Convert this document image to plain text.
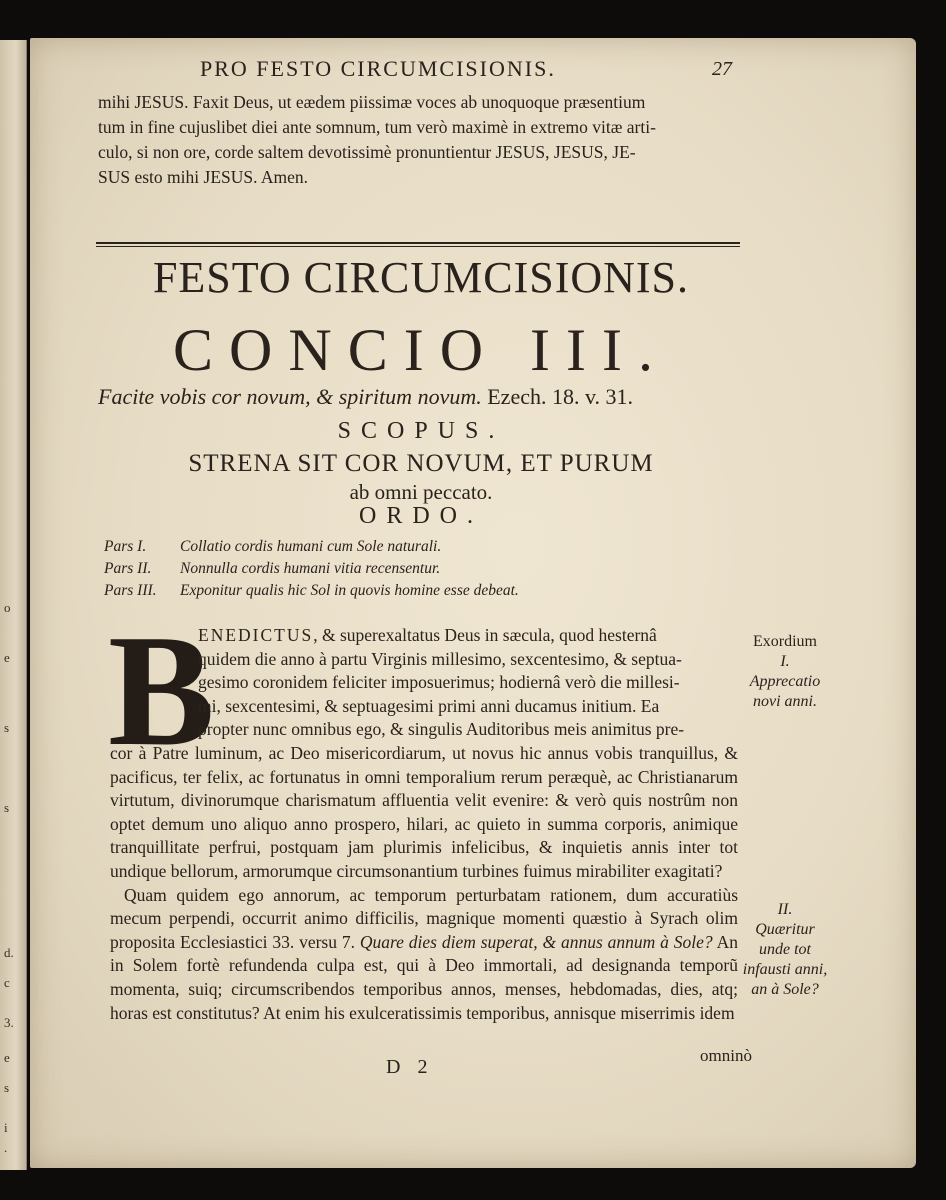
o
e
s
s
d.
c
3.
e
s
i
.
PRO FESTO CIRCUMCISIONIS.	27

mihi JESUS. Faxit Deus, ut eædem piissimæ voces ab unoquoque præsentium

tum in fine cujuslibet diei ante somnum, tum verò maximè in extremo vitæ arti-

culo, si non ore, corde saltem devotissimè pronuntientur JESUS, JESUS, JE-

SUS esto mihi JESUS. Amen.

FESTO CIRCUMCISIONIS.
CONCIO III.
Facite vobis cor novum, & spiritum novum. Ezech. 18. v. 31.
SCOPUS.
STRENA SIT COR NOVUM, ET PURUM
ab omni peccato.
ORDO.

Pars I. Collatio cordis humani cum Sole naturali.

Pars II. Nonnulla cordis humani vitia recensentur.

Pars III. Exponitur qualis hic Sol in quovis homine esse debeat.

B

ENEDICTUS, & superexaltatus Deus in sæcula, quod hesternâ

quidem die anno à partu Virginis millesimo, sexcentesimo, & septua-

gesimo coronidem feliciter imposuerimus; hodiernâ verò die millesi-

mi, sexcentesimi, & septuagesimi primi anni ducamus initium. Ea

propter nunc omnibus ego, & singulis Auditoribus meis animitus pre-

cor à Patre luminum, ac Deo misericordiarum, ut novus hic annus vobis tranquillus, & pacificus, ter felix, ac fortunatus in omni temporalium rerum peræquè, ac Christianarum virtutum, divinorumque charismatum affluentia velit evenire: & verò quis nostrûm non optet demum uno aliquo anno prospero, hilari, ac quieto in summa corporis, animique tranquillitate perfrui, postquam jam plurimis infelicibus, & inquietis annis inter tot undique bellorum, armorumque circumsonantium turbines fuimus mirabiliter exagitati?

Quam quidem ego annorum, ac temporum perturbatam rationem, dum accuratiùs mecum perpendi, occurrit animo difficilis, magnique momenti quæstio à Syrach olim proposita Ecclesiastici 33. versu 7. Quare dies diem superat, & annus annum à Sole? An in Solem fortè refundenda culpa est, qui à Deo immortali, ad designanda temporũ momenta, suiq; circumscribendos temporibus annos, menses, hebdomadas, dies, atq; horas est constitutus? At enim his exulceratissimis temporibus, annisque miserrimis idem

Exordium
I.
Apprecatio novi anni.
II.
Quæritur unde tot infausti anni, an à Sole?
omninò
D 2
